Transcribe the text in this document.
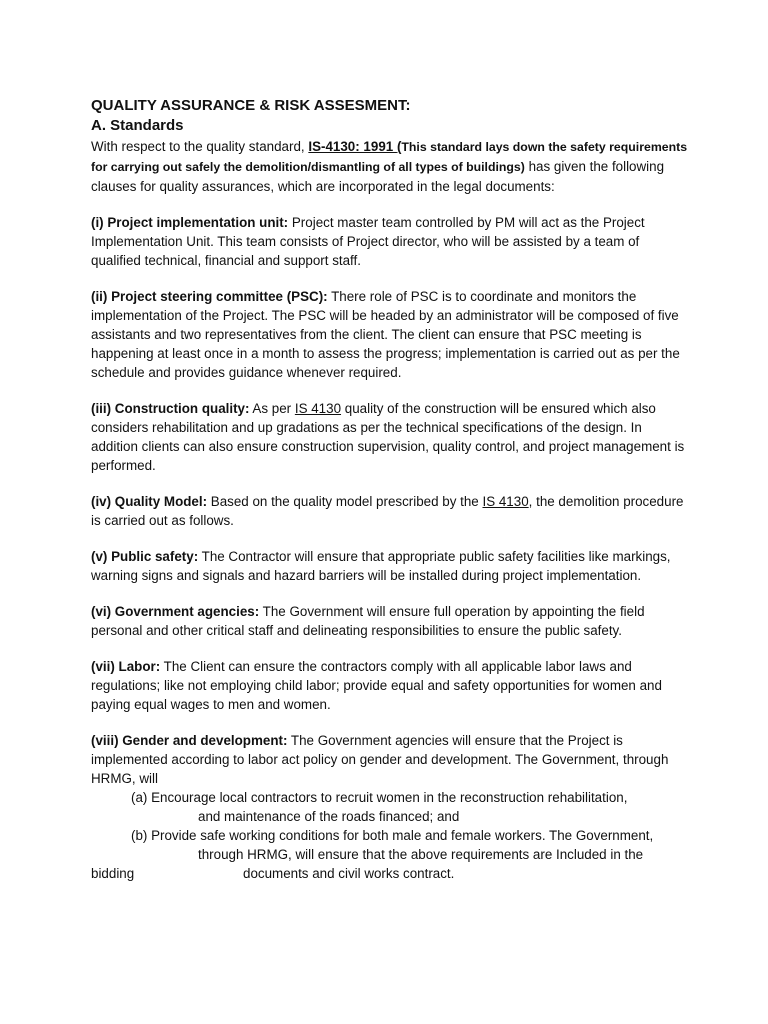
QUALITY ASSURANCE & RISK ASSESMENT:
A. Standards

With respect to the quality standard, IS-4130: 1991 (This standard lays down the safety requirements for carrying out safely the demolition/dismantling of all types of buildings) has given the following clauses for quality assurances, which are incorporated in the legal documents:

(i) Project implementation unit: Project master team controlled by PM will act as the Project Implementation Unit. This team consists of Project director, who will be assisted by a team of qualified technical, financial and support staff.

(ii) Project steering committee (PSC): There role of PSC is to coordinate and monitors the implementation of the Project. The PSC will be headed by an administrator will be composed of five assistants and two representatives from the client. The client can ensure that PSC meeting is happening at least once in a month to assess the progress; implementation is carried out as per the schedule and provides guidance whenever required.

(iii) Construction quality: As per IS 4130 quality of the construction will be ensured which also considers rehabilitation and up gradations as per the technical specifications of the design. In addition clients can also ensure construction supervision, quality control, and project management is performed.

(iv) Quality Model: Based on the quality model prescribed by the IS 4130, the demolition procedure is carried out as follows.

(v) Public safety: The Contractor will ensure that appropriate public safety facilities like markings, warning signs and signals and hazard barriers will be installed during project implementation.

(vi) Government agencies: The Government will ensure full operation by appointing the field personal and other critical staff and delineating responsibilities to ensure the public safety.

(vii) Labor: The Client can ensure the contractors comply with all applicable labor laws and regulations; like not employing child labor; provide equal and safety opportunities for women and paying equal wages to men and women.

(viii) Gender and development: The Government agencies will ensure that the Project is implemented according to labor act policy on gender and development. The Government, through HRMG, will

(a) Encourage local contractors to recruit women in the reconstruction rehabilitation,
and maintenance of the roads financed; and
(b) Provide safe working conditions for both male and female workers. The Government,
through HRMG, will ensure that the above requirements are Included in the
bidding	documents and civil works contract.
